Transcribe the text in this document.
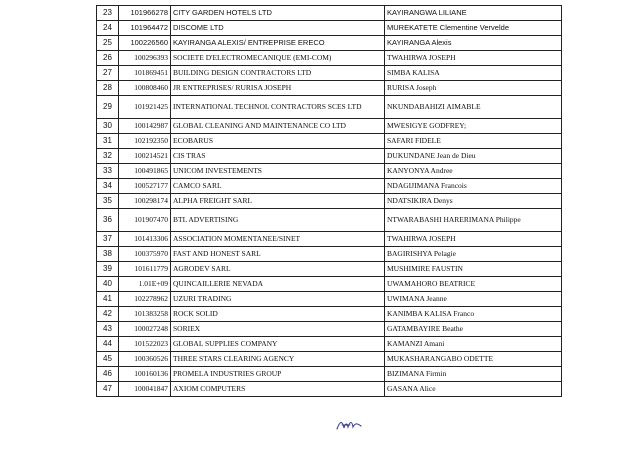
23	101966278	CITY GARDEN HOTELS LTD	KAYIRANGWA LILIANE
24	101964472	DISCOME LTD	MUREKATETE Clementine Vervelde
25	100226560	KAYIRANGA ALEXIS/ ENTREPRISE ERECO	KAYIRANGA Alexis
26	100296393	SOCIETE D'ELECTROMECANIQUE (EMI-COM)	TWAHIRWA JOSEPH
27	101869451	BUILDING DESIGN CONTRACTORS LTD	SIMBA KALISA
28	100808460	JR ENTREPRISES/ RURISA JOSEPH	RURISA Joseph
29	101921425	INTERNATIONAL TECHNOL CONTRACTORS SCES LTD	NKUNDABAHIZI AIMABLE
30	100142987	GLOBAL CLEANING AND MAINTENANCE CO LTD	MWESIGYE GODFREY;
31	102192350	ECOBARUS	SAFARI FIDELE
32	100214521	CIS TRAS	DUKUNDANE Jean de Dieu
33	100491865	UNICOM INVESTEMENTS	KANYONYA Andree
34	100527177	CAMCO SARL	NDAGIJIMANA Francois
35	100298174	ALPHA FREIGHT SARL	NDATSIKIRA Denys
36	101907470	BTL ADVERTISING	NTWARABASHI HARERIMANA Philippe
37	101413306	ASSOCIATION MOMENTANEE/SINET	TWAHIRWA JOSEPH
38	100375970	FAST AND HONEST SARL	BAGIRISHYA Pelagie
39	101611779	AGRODEV SARL	MUSHIMIRE FAUSTIN
40	1.01E+09	QUINCAILLERIE NEVADA	UWAMAHORO BEATRICE
41	102278962	UZURI TRADING	UWIMANA Jeanne
42	101383258	ROCK SOLID	KANIMBA KALISA Franco
43	100027248	SORIEX	GATAMBAYIRE Beathe
44	101522023	GLOBAL SUPPLIES COMPANY	KAMANZI Amani
45	100360526	THREE STARS CLEARING AGENCY	MUKASHARANGABO ODETTE
46	100160136	PROMELA INDUSTRIES GROUP	BIZIMANA Firmin
47	100041847	AXIOM COMPUTERS	GASANA Alice
